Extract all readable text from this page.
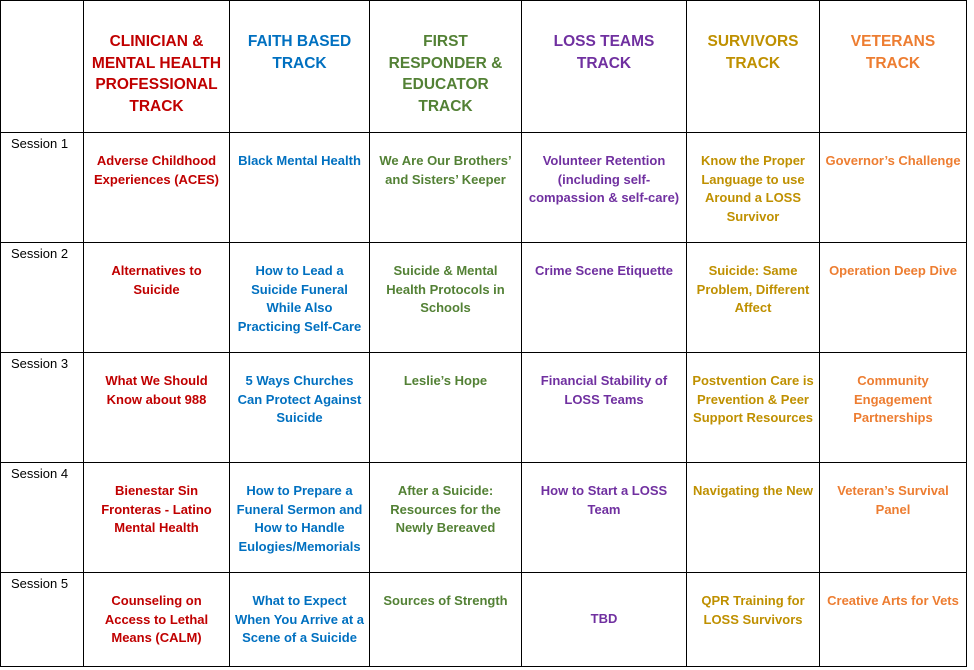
	CLINICIAN & MENTAL HEALTH PROFESSIONAL TRACK	FAITH BASED TRACK	FIRST RESPONDER & EDUCATOR TRACK	LOSS TEAMS TRACK	SURVIVORS TRACK	VETERANS TRACK
Session 1	Adverse Childhood Experiences (ACES)	Black Mental Health	We Are Our Brothers’ and Sisters’ Keeper	Volunteer Retention (including self-compassion & self-care)	Know the Proper Language to use Around a LOSS Survivor	Governor’s Challenge
Session 2	Alternatives to Suicide	How to Lead a Suicide Funeral While Also Practicing Self-Care	Suicide & Mental Health Protocols in Schools	Crime Scene Etiquette	Suicide: Same Problem, Different Affect	Operation Deep Dive
Session 3	What We Should Know about 988	5 Ways Churches Can Protect Against Suicide	Leslie’s Hope	Financial Stability of LOSS Teams	Postvention Care is Prevention & Peer Support Resources	Community Engagement Partnerships
Session 4	Bienestar Sin Fronteras - Latino Mental Health	How to Prepare a Funeral Sermon and How to Handle Eulogies/Memorials	After a Suicide: Resources for the Newly Bereaved	How to Start a LOSS Team	Navigating the New	Veteran’s Survival Panel
Session 5	Counseling on Access to Lethal Means (CALM)	What to Expect When You Arrive at a Scene of a Suicide	Sources of Strength	TBD	QPR Training for LOSS Survivors	Creative Arts for Vets
